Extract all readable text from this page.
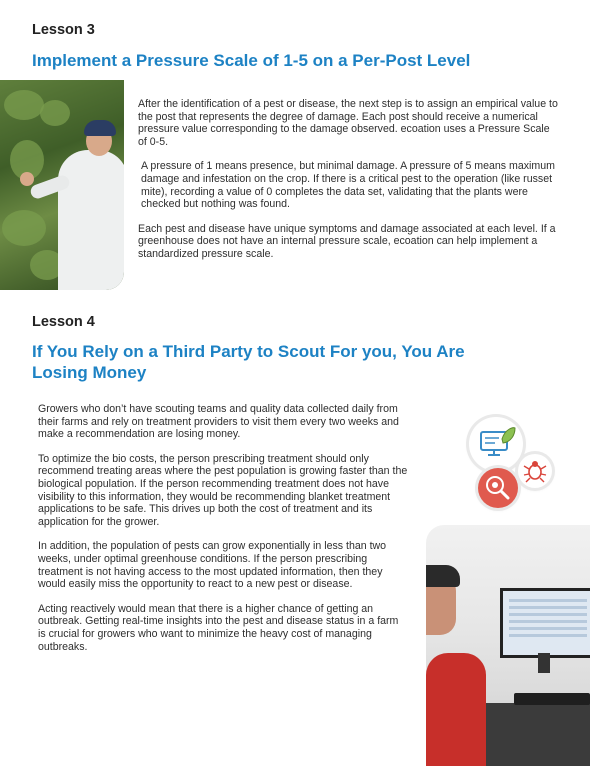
Lesson 3
Implement a Pressure Scale of 1-5 on a Per-Post Level

After the identification of a pest or disease, the next step is to assign an empirical value to the post that represents the degree of damage. Each post should receive a numerical pressure value corresponding to the damage observed. ecoation uses a Pressure Scale of 0-5.

A pressure of 1 means presence, but minimal damage. A pressure of 5 means maximum damage and infestation on the crop. If there is a critical pest to the operation (like russet mite), recording a value of 0 completes the data set, validating that the plants were checked but nothing was found.

Each pest and disease have unique symptoms and damage associated at each level. If a greenhouse does not have an internal pressure scale, ecoation can help implement a standardized pressure scale.

Lesson 4
If You Rely on a Third Party to Scout For you, You Are
Losing Money

Growers who don’t have scouting teams and quality data collected daily from their farms and rely on treatment providers to visit them every two weeks and make a recommendation are losing money.

To optimize the bio costs, the person prescribing treatment should only recommend treating areas where the pest population is growing faster than the biological population. If the person recommending treatment does not have visibility to this information, they would be recommending blanket treatment applications to be safe. This drives up both the cost of treatment and its application for the grower.

In addition, the population of pests can grow exponentially in less than two weeks, under optimal greenhouse conditions. If the person prescribing treatment is not having access to the most updated information, then they would easily miss the opportunity to react to a new pest or disease.

Acting reactively would mean that there is a higher chance of getting an outbreak. Getting real-time insights into the pest and disease status in a farm is crucial for growers who want to minimize the heavy cost of managing outbreaks.
